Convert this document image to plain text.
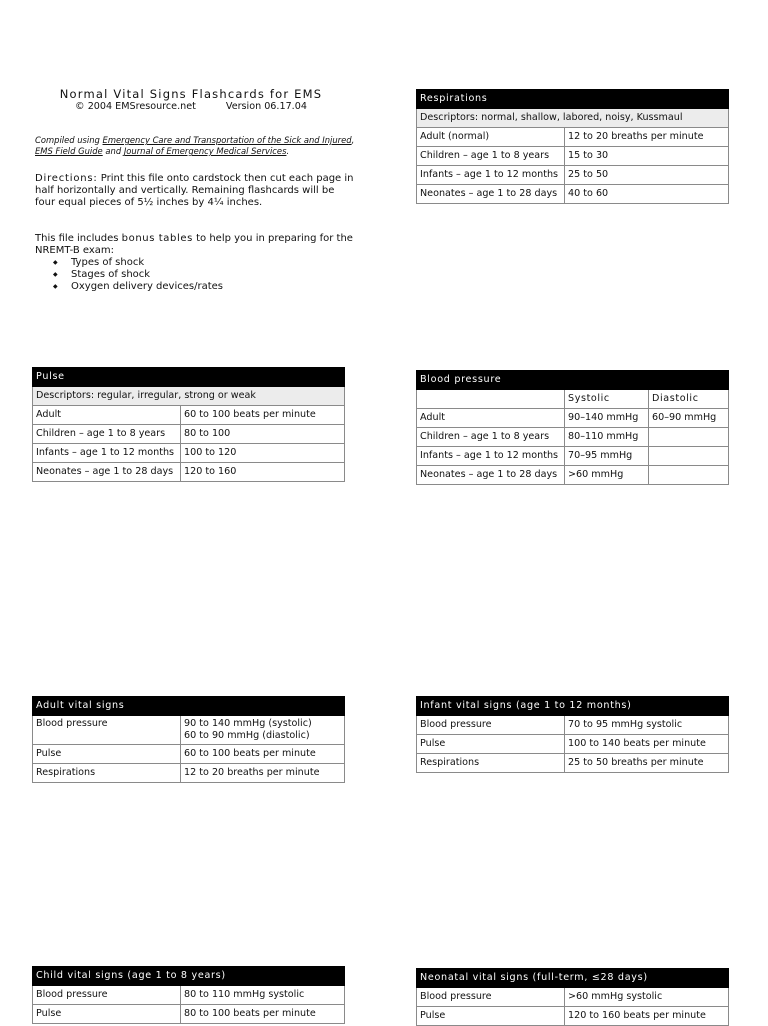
Normal Vital Signs Flashcards for EMS
© 2004 EMSresource.net	Version 06.17.04
Compiled using Emergency Care and Transportation of the Sick and Injured, EMS Field Guide and Journal of Emergency Medical Services.
Directions: Print this file onto cardstock then cut each page in half horizontally and vertically. Remaining flashcards will be four equal pieces of 5½ inches by 4¼ inches.
This file includes bonus tables to help you in preparing for the NREMT-B exam:
◆ Types of shock
◆ Stages of shock
◆ Oxygen delivery devices/rates
Respirations	
Descriptors: normal, shallow, labored, noisy, Kussmaul	
Adult (normal)	12 to 20 breaths per minute
Children – age 1 to 8 years	15 to 30
Infants – age 1 to 12 months	25 to 50
Neonates – age 1 to 28 days	40 to 60
Pulse	
Descriptors: regular, irregular, strong or weak	
Adult	60 to 100 beats per minute
Children – age 1 to 8 years	80 to 100
Infants – age 1 to 12 months	100 to 120
Neonates – age 1 to 28 days	120 to 160
Blood pressure		
	Systolic	Diastolic
Adult	90–140 mmHg	60–90 mmHg
Children – age 1 to 8 years	80–110 mmHg	
Infants – age 1 to 12 months	70–95 mmHg	
Neonates – age 1 to 28 days	>60 mmHg	
Adult vital signs	
Blood pressure	90 to 140 mmHg (systolic)
60 to 90 mmHg (diastolic)

Pulse	60 to 100 beats per minute
Respirations	12 to 20 breaths per minute
Infant vital signs (age 1 to 12 months)	
Blood pressure	70 to 95 mmHg systolic
Pulse	100 to 140 beats per minute
Respirations	25 to 50 breaths per minute
Child vital signs (age 1 to 8 years)	
Blood pressure	80 to 110 mmHg systolic
Pulse	80 to 100 beats per minute
Neonatal vital signs (full-term, ≤28 days)	
Blood pressure	>60 mmHg systolic
Pulse	120 to 160 beats per minute
